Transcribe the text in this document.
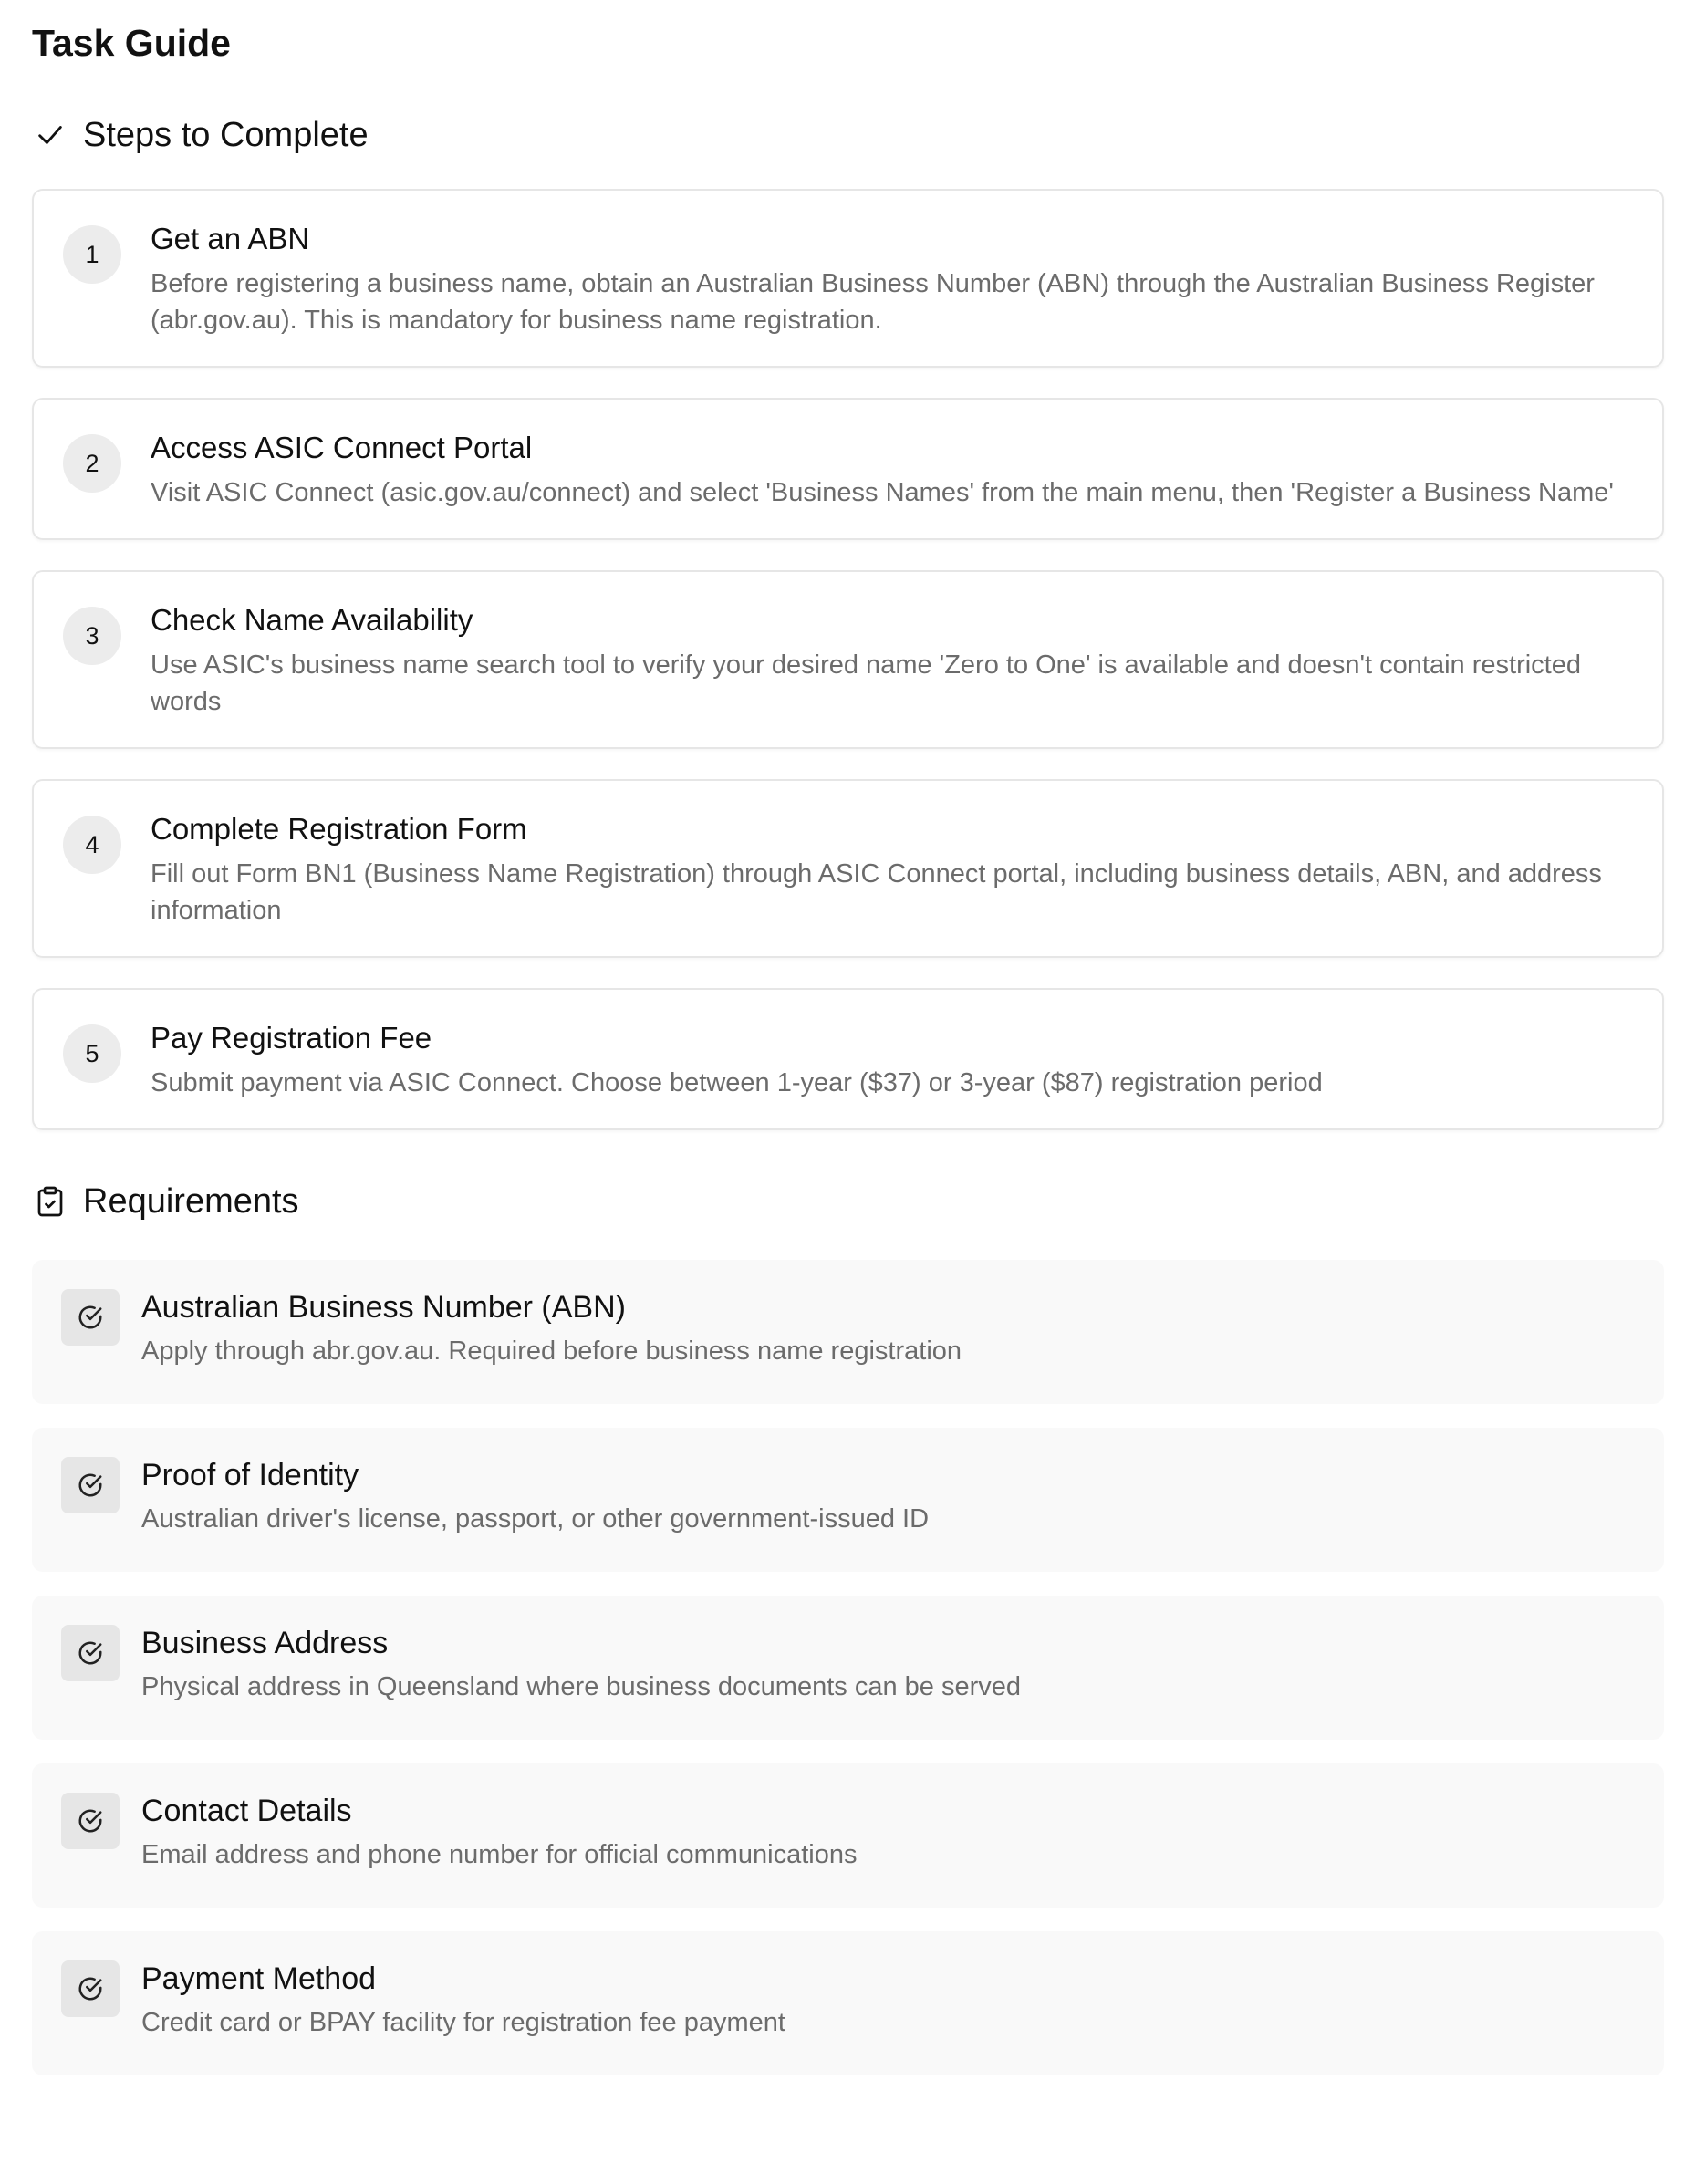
Task Guide
Steps to Complete
1	Get an ABN
Before registering a business name, obtain an Australian Business Number (ABN) through the Australian Business Register (abr.gov.au). This is mandatory for business name registration.
2	Access ASIC Connect Portal
Visit ASIC Connect (asic.gov.au/connect) and select 'Business Names' from the main menu, then 'Register a Business Name'
3	Check Name Availability
Use ASIC's business name search tool to verify your desired name 'Zero to One' is available and doesn't contain restricted words
4	Complete Registration Form
Fill out Form BN1 (Business Name Registration) through ASIC Connect portal, including business details, ABN, and address information
5	Pay Registration Fee
Submit payment via ASIC Connect. Choose between 1-year ($37) or 3-year ($87) registration period
Requirements
Australian Business Number (ABN)
Apply through abr.gov.au. Required before business name registration
Proof of Identity
Australian driver's license, passport, or other government-issued ID
Business Address
Physical address in Queensland where business documents can be served
Contact Details
Email address and phone number for official communications
Payment Method
Credit card or BPAY facility for registration fee payment
